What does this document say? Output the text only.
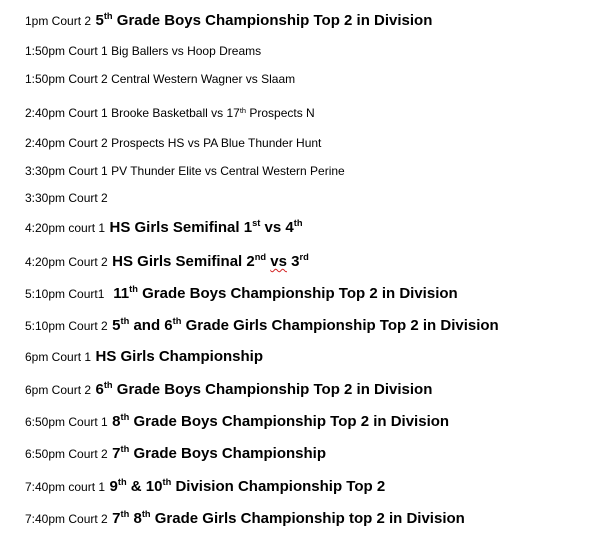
1pm Court 2 5th Grade Boys Championship Top 2 in Division
1:50pm Court 1 Big Ballers vs Hoop Dreams
1:50pm Court 2 Central Western Wagner vs Slaam
2:40pm Court 1 Brooke Basketball vs 17th Prospects N
2:40pm Court 2 Prospects HS vs PA Blue Thunder Hunt
3:30pm Court 1 PV Thunder Elite vs Central Western Perine
3:30pm Court 2
4:20pm court 1 HS Girls Semifinal 1st vs 4th
4:20pm Court 2 HS Girls Semifinal 2nd vs 3rd
5:10pm Court1 11th Grade Boys Championship Top 2 in Division
5:10pm Court 2 5th and 6th Grade Girls Championship Top 2 in Division
6pm Court 1 HS Girls Championship
6pm Court 2 6th Grade Boys Championship Top 2 in Division
6:50pm Court 1 8th Grade Boys Championship Top 2 in Division
6:50pm Court 2 7th Grade Boys Championship
7:40pm court 1 9th & 10th Division Championship Top 2
7:40pm Court 2 7th 8th Grade Girls Championship top 2 in Division
